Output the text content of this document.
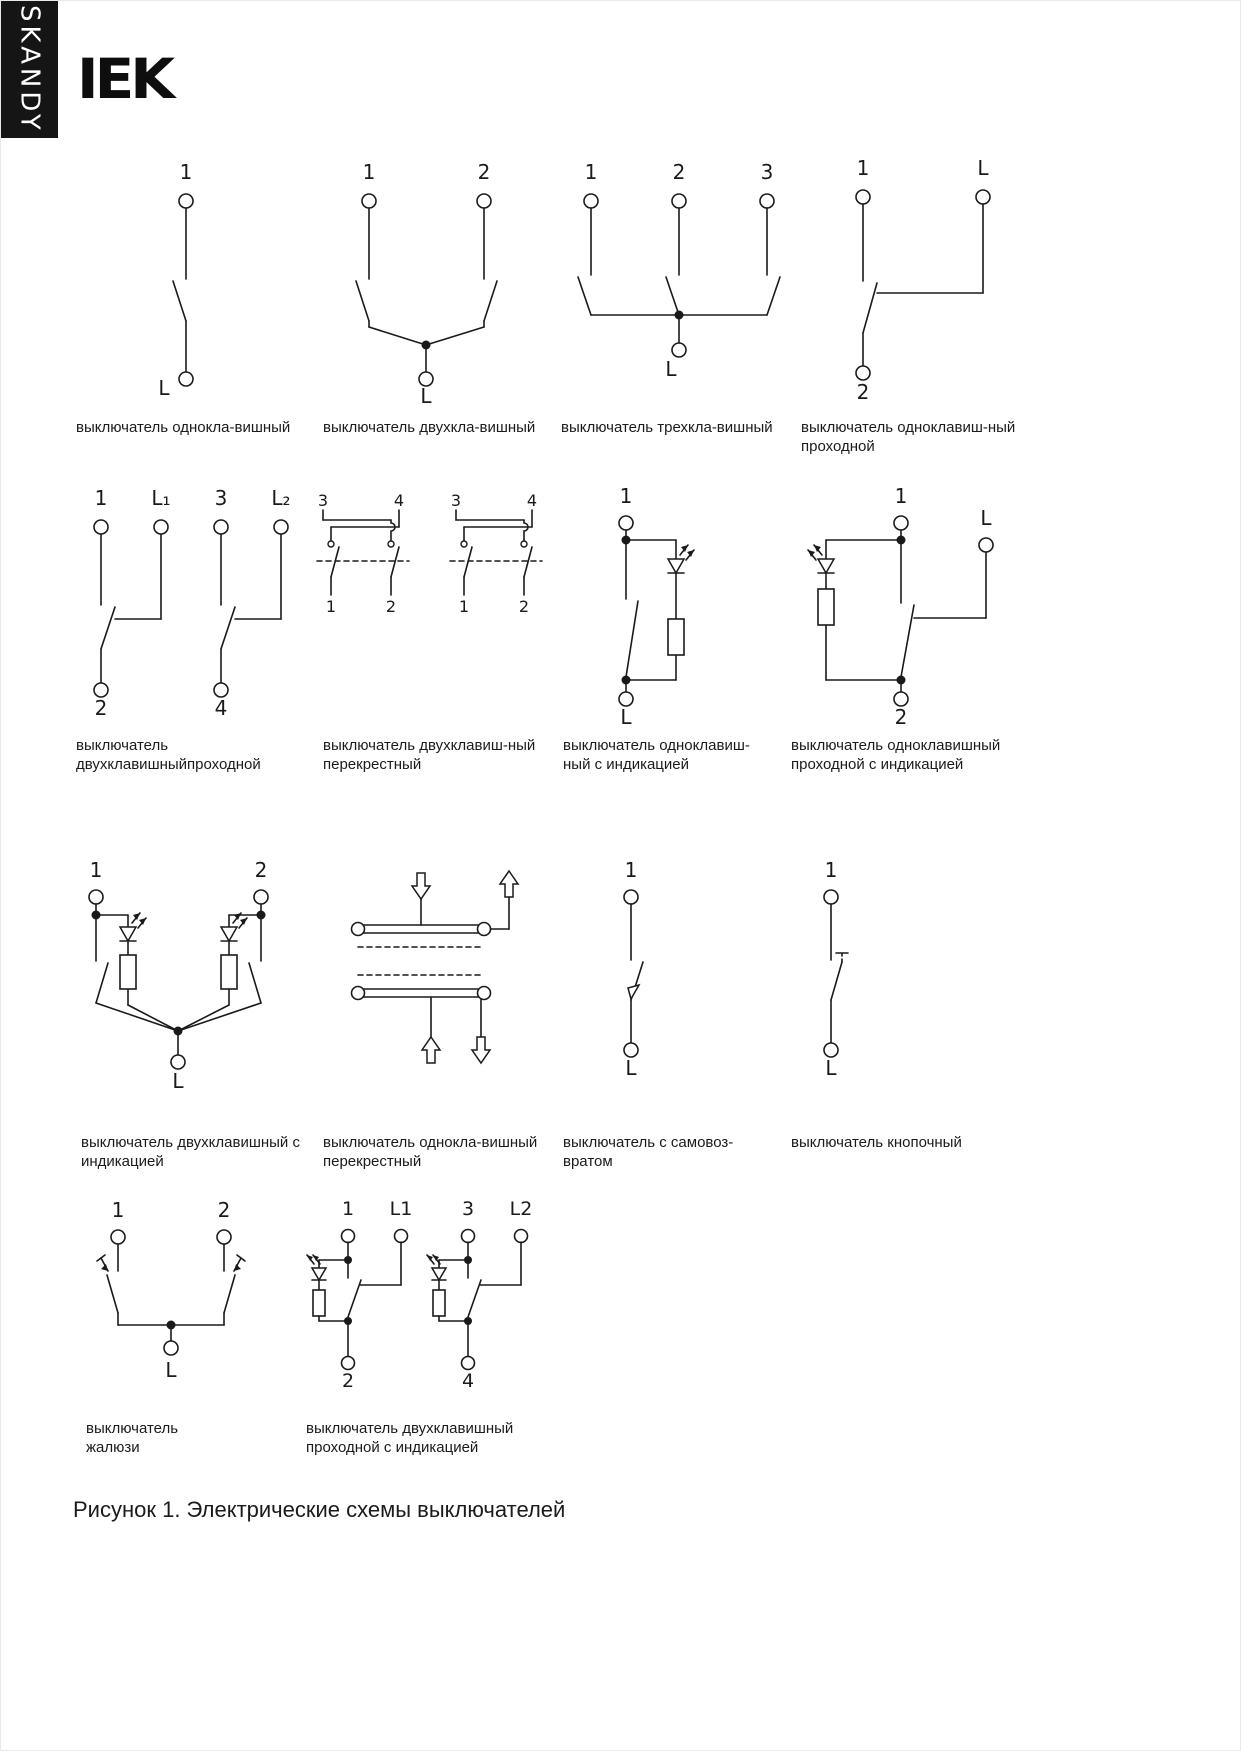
SKANDY IEK
1
L
1	2
L
1	2	3
L
1	L
2
1 L₁ 3 L₂
2	4
3	4
1	2
3	4
1	2
1
L
1
L
2
1	2
L
1
L
1
L
1	2
L
1 L1
2
3 L2
4
выключатель однокла-вишный	выключатель двухкла-вишный	выключатель трехкла-вишный	выключатель одноклавиш-ный
проходной
выключатель
двухклавишныйпроходной
выключатель двухклавиш-ный
перекрестный
выключатель одноклавиш-
ный с индикацией
выключатель одноклавишный
проходной с индикацией
выключатель двухклавишный с
индикацией
выключатель однокла-вишный
перекрестный
выключатель с самовоз-
вратом
выключатель кнопочный
выключатель
жалюзи
выключатель двухклавишный
проходной с индикацией
Рисунок 1. Электрические схемы выключателей
